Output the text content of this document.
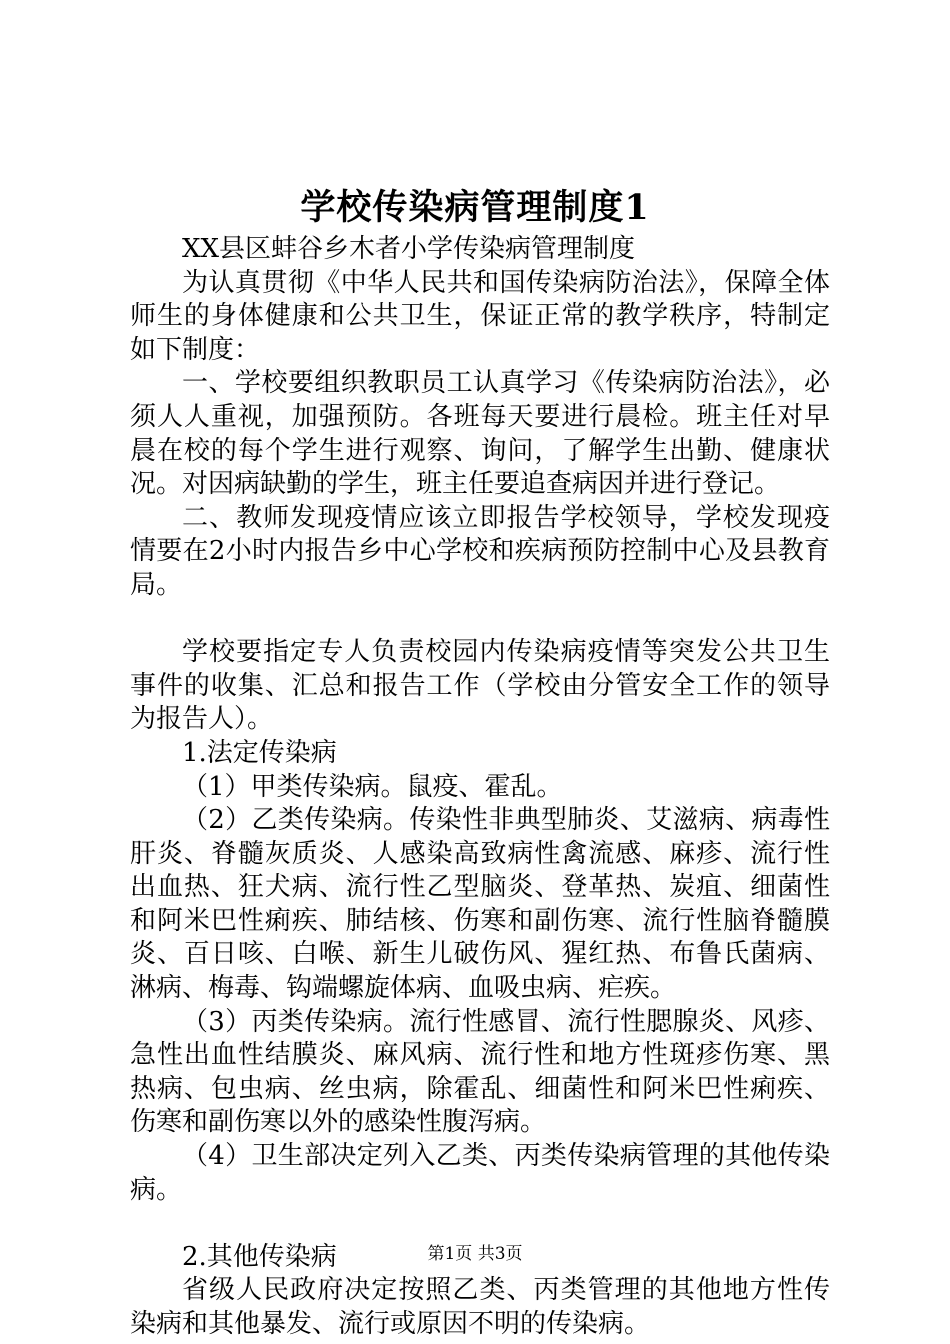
学校传染病管理制度1

XX县区蚌谷乡木者小学传染病管理制度

为认真贯彻《中华人民共和国传染病防治法》，保障全体师生的身体健康和公共卫生，保证正常的教学秩序，特制定如下制度：

一、学校要组织教职员工认真学习《传染病防治法》，必须人人重视，加强预防。各班每天要进行晨检。班主任对早晨在校的每个学生进行观察、询问，了解学生出勤、健康状况。对因病缺勤的学生，班主任要追查病因并进行登记。

二、教师发现疫情应该立即报告学校领导，学校发现疫情要在2小时内报告乡中心学校和疾病预防控制中心及县教育局。

学校要指定专人负责校园内传染病疫情等突发公共卫生事件的收集、汇总和报告工作（学校由分管安全工作的领导为报告人）。

1.法定传染病

（1）甲类传染病。鼠疫、霍乱。

（2）乙类传染病。传染性非典型肺炎、艾滋病、病毒性肝炎、脊髓灰质炎、人感染高致病性禽流感、麻疹、流行性出血热、狂犬病、流行性乙型脑炎、登革热、炭疽、细菌性和阿米巴性痢疾、肺结核、伤寒和副伤寒、流行性脑脊髓膜炎、百日咳、白喉、新生儿破伤风、猩红热、布鲁氏菌病、淋病、梅毒、钩端螺旋体病、血吸虫病、疟疾。

（3）丙类传染病。流行性感冒、流行性腮腺炎、风疹、急性出血性结膜炎、麻风病、流行性和地方性斑疹伤寒、黑热病、包虫病、丝虫病，除霍乱、细菌性和阿米巴性痢疾、伤寒和副伤寒以外的感染性腹泻病。

（4）卫生部决定列入乙类、丙类传染病管理的其他传染病。

2.其他传染病

省级人民政府决定按照乙类、丙类管理的其他地方性传染病和其他暴发、流行或原因不明的传染病。

第1页 共3页
